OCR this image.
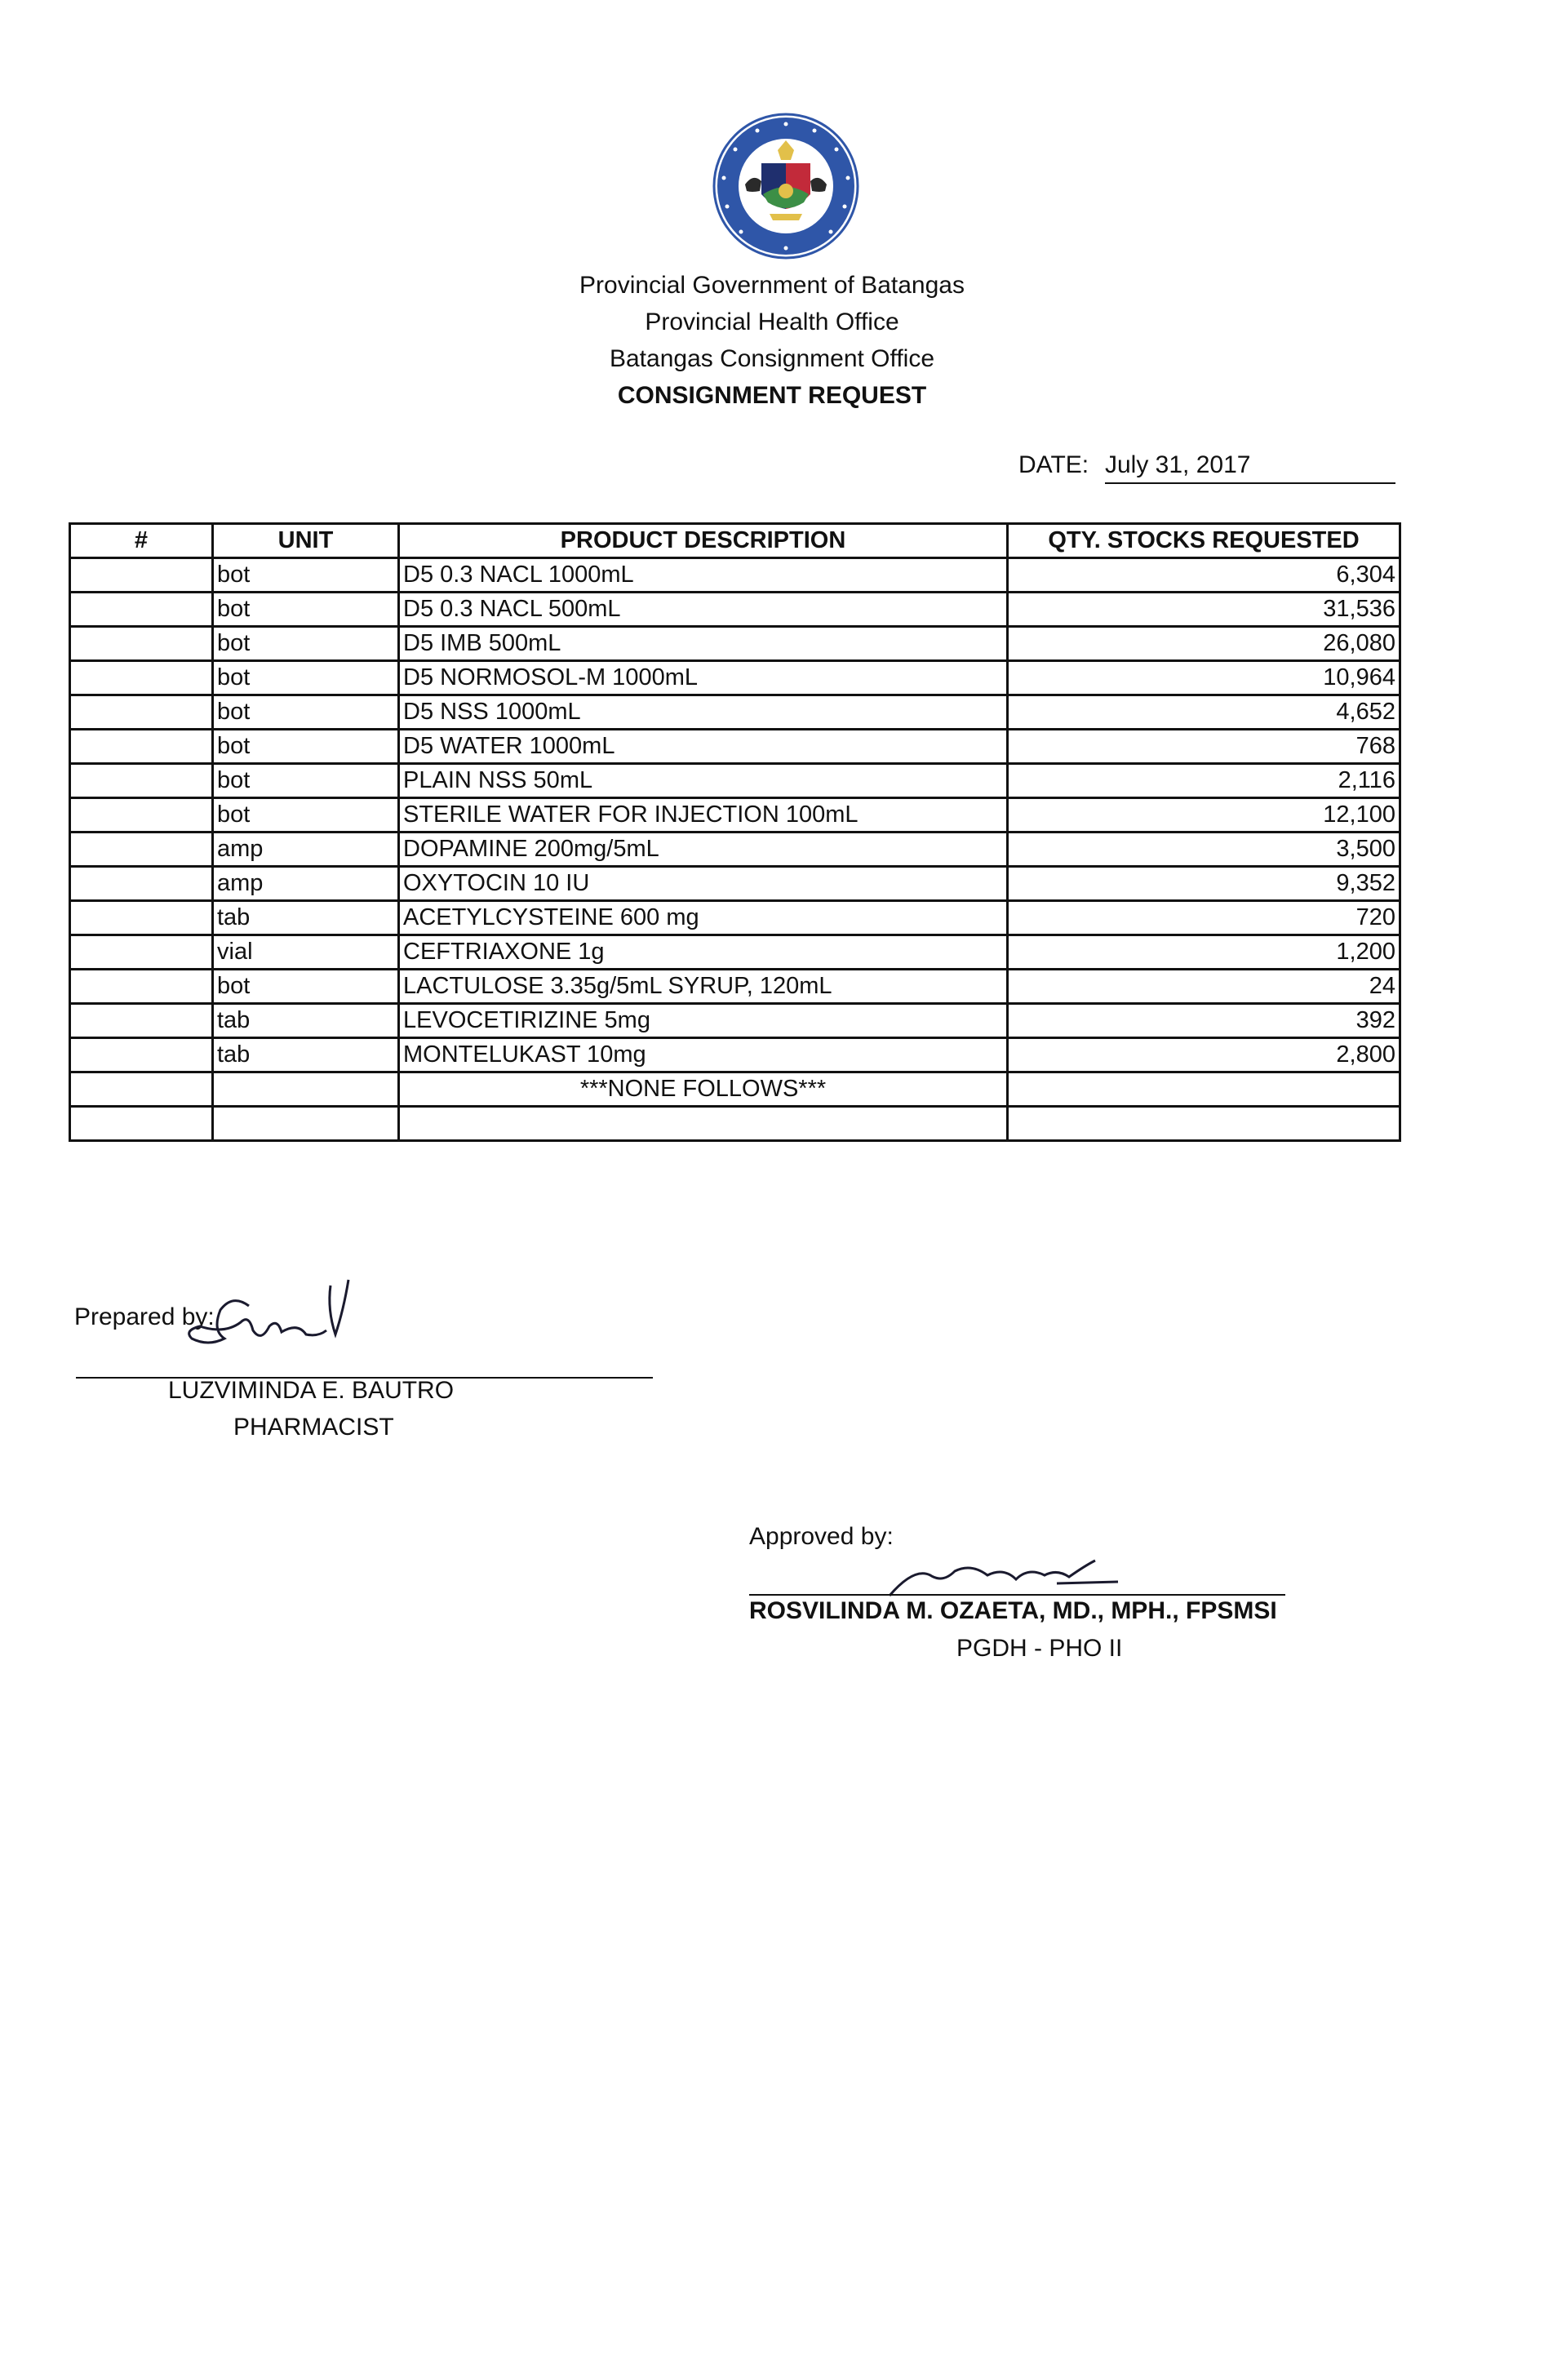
Provincial Government of Batangas
Provincial Health Office
Batangas Consignment Office
CONSIGNMENT REQUEST
DATE: July 31, 2017
#	UNIT	PRODUCT DESCRIPTION	QTY. STOCKS REQUESTED
	bot	D5 0.3 NACL 1000mL	6,304
	bot	D5 0.3 NACL 500mL	31,536
	bot	D5 IMB 500mL	26,080
	bot	D5 NORMOSOL-M 1000mL	10,964
	bot	D5 NSS 1000mL	4,652
	bot	D5 WATER 1000mL	768
	bot	PLAIN NSS 50mL	2,116
	bot	STERILE WATER FOR INJECTION 100mL	12,100
	amp	DOPAMINE 200mg/5mL	3,500
	amp	OXYTOCIN 10 IU	9,352
	tab	ACETYLCYSTEINE 600 mg	720
	vial	CEFTRIAXONE 1g	1,200
	bot	LACTULOSE 3.35g/5mL SYRUP, 120mL	24
	tab	LEVOCETIRIZINE 5mg	392
	tab	MONTELUKAST 10mg	2,800
		***NONE FOLLOWS***	

Prepared by:
LUZVIMINDA E. BAUTRO
PHARMACIST
Approved by:
ROSVILINDA M. OZAETA, MD., MPH., FPSMSI
PGDH - PHO II
